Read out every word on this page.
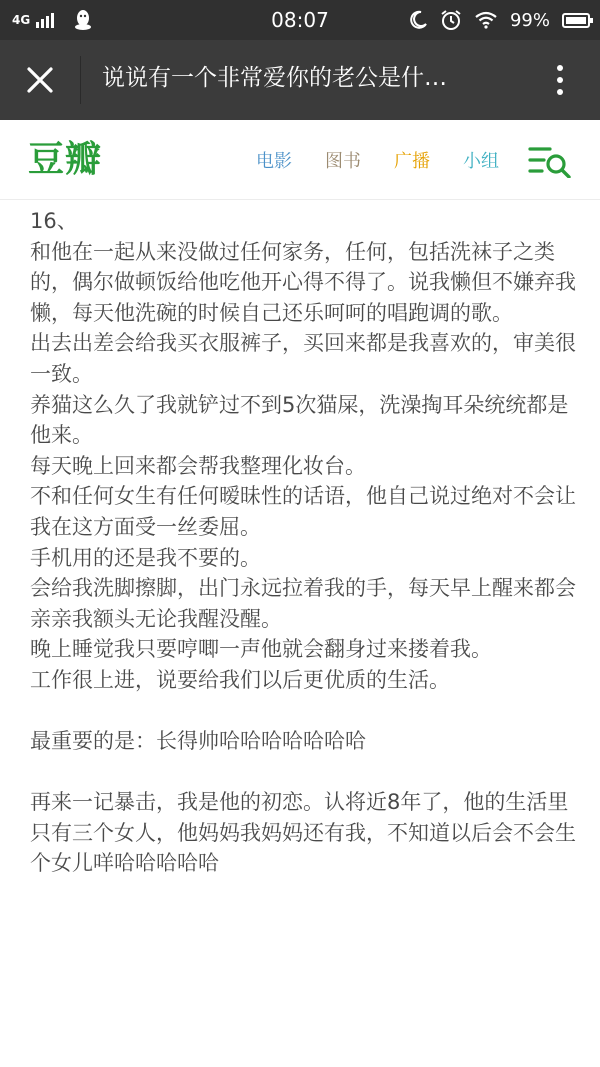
4G	08:07	99%
说说有一个非常爱你的老公是什…
豆瓣	电影 图书 广播 小组

16、

和他在一起从来没做过任何家务，任何，包括洗袜子之类的，偶尔做顿饭给他吃他开心得不得了。说我懒但不嫌弃我懒，每天他洗碗的时候自己还乐呵呵的唱跑调的歌。

出去出差会给我买衣服裤子，买回来都是我喜欢的，审美很一致。

养猫这么久了我就铲过不到5次猫屎，洗澡掏耳朵统统都是他来。

每天晚上回来都会帮我整理化妆台。

不和任何女生有任何暧昧性的话语，他自己说过绝对不会让我在这方面受一丝委屈。

手机用的还是我不要的。

会给我洗脚擦脚，出门永远拉着我的手，每天早上醒来都会亲亲我额头无论我醒没醒。

晚上睡觉我只要哼唧一声他就会翻身过来搂着我。

工作很上进，说要给我们以后更优质的生活。

最重要的是：长得帅哈哈哈哈哈哈哈

再来一记暴击，我是他的初恋。认将近8年了，他的生活里只有三个女人，他妈妈我妈妈还有我，不知道以后会不会生个女儿咩哈哈哈哈哈
